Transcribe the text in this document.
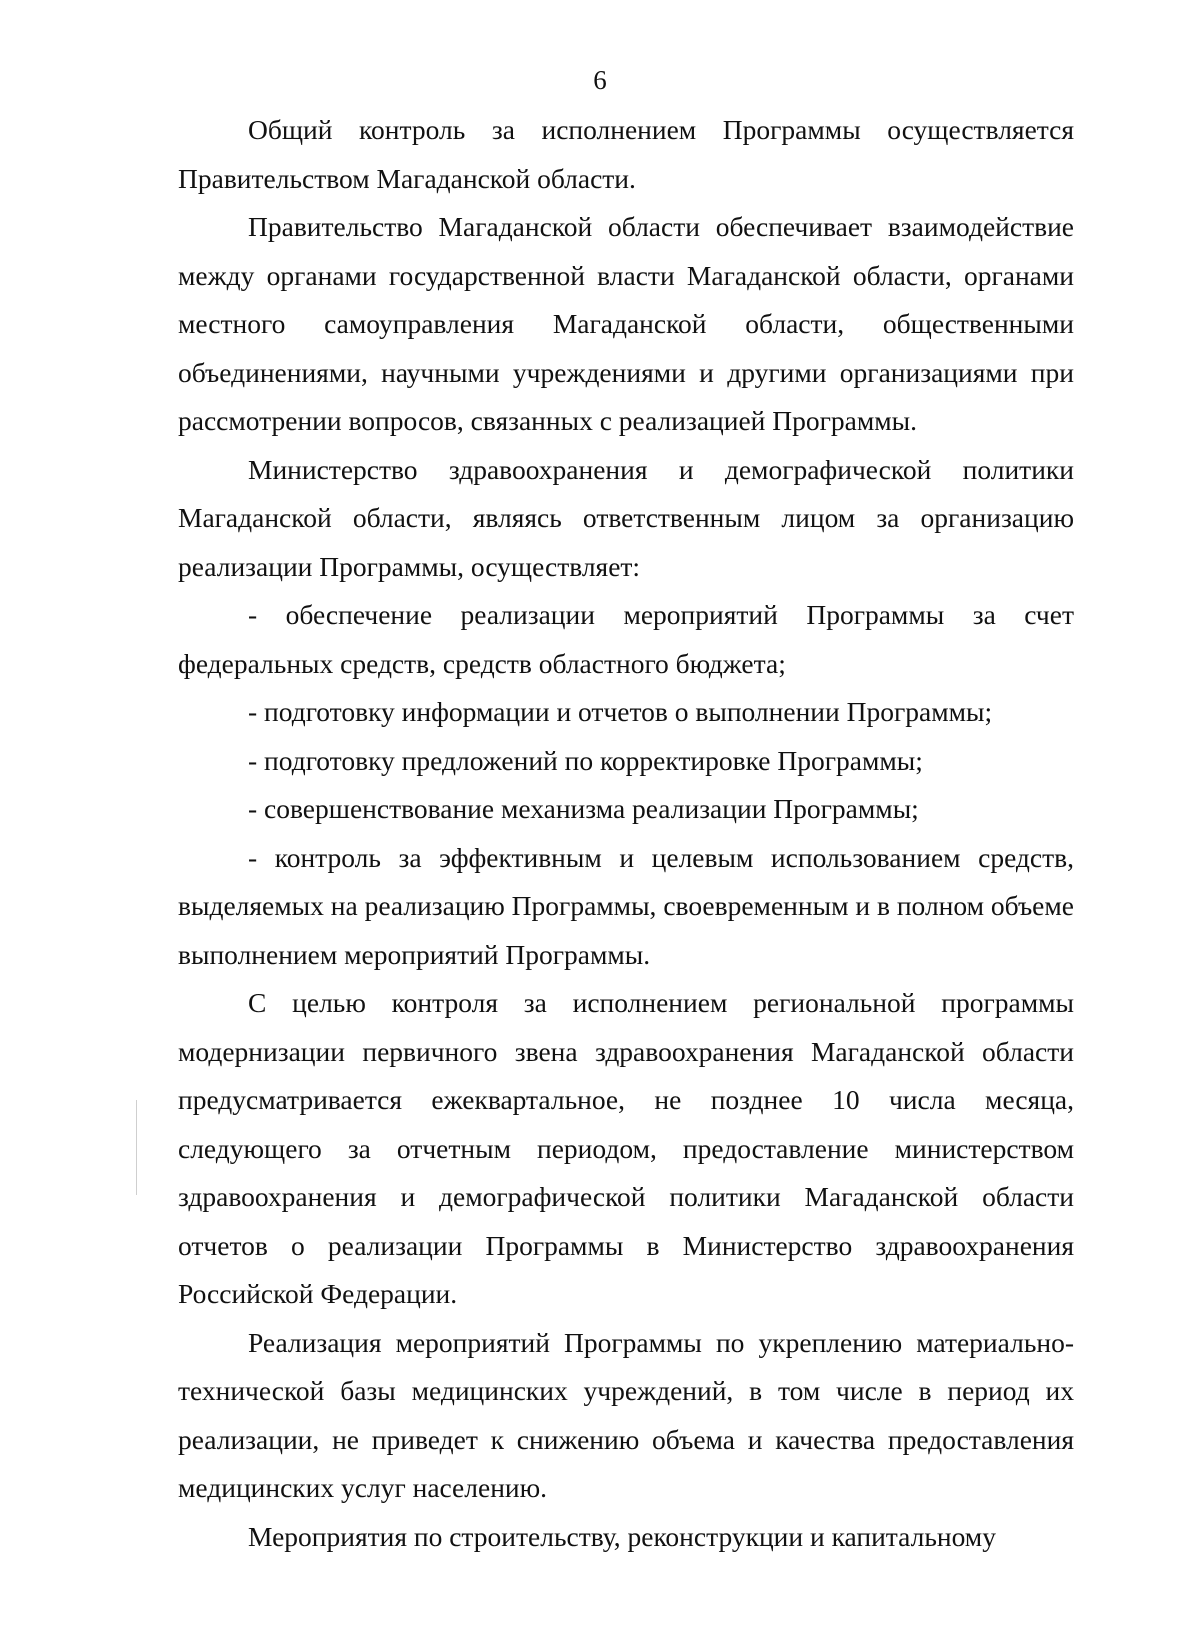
6

Общий контроль за исполнением Программы осуществляется Правительством Магаданской области.

Правительство Магаданской области обеспечивает взаимодействие между органами государственной власти Магаданской области, органами местного самоуправления Магаданской области, общественными объединениями, научными учреждениями и другими организациями при рассмотрении вопросов, связанных с реализацией Программы.

Министерство здравоохранения и демографической политики Магаданской области, являясь ответственным лицом за организацию реализации Программы, осуществляет:

- обеспечение реализации мероприятий Программы за счет федеральных средств, средств областного бюджета;

- подготовку информации и отчетов о выполнении Программы;

- подготовку предложений по корректировке Программы;

- совершенствование механизма реализации Программы;

- контроль за эффективным и целевым использованием средств, выделяемых на реализацию Программы, своевременным и в полном объеме выполнением мероприятий Программы.

С целью контроля за исполнением региональной программы модернизации первичного звена здравоохранения Магаданской области предусматривается ежеквартальное, не позднее 10 числа месяца, следующего за отчетным периодом, предоставление министерством здравоохранения и демографической политики Магаданской области отчетов о реализации Программы в Министерство здравоохранения Российской Федерации.

Реализация мероприятий Программы по укреплению материально-технической базы медицинских учреждений, в том числе в период их реализации, не приведет к снижению объема и качества предоставления медицинских услуг населению.

Мероприятия по строительству, реконструкции и капитальному
